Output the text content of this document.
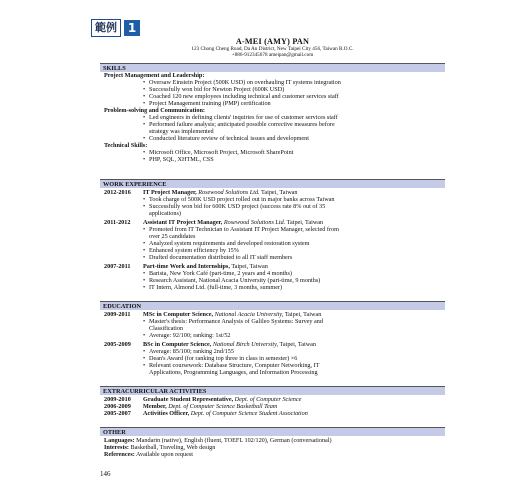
範例 1
A-MEI (AMY) PAN
123 Chong Cheng Road, Da An District, New Taipei City 456, Taiwan R.O.C.
+886-912345678 ameipan@gmail.com
SKILLS
Project Management and Leadership:
• Oversaw Einstein Project (500K USD) on overhauling IT systems integration
• Successfully won bid for Newton Project (600K USD)
• Coached 120 new employees including technical and customer services staff
• Project Management training (PMP) certification
Problem-solving and Communication:
• Led engineers in defining clients' inquiries for use of customer services staff
• Performed failure analysis; anticipated possible corrective measures before
strategy was implemented
• Conducted literature review of technical issues and development
Technical Skills:
• Microsoft Office, Microsoft Project, Microsoft SharePoint
• PHP, SQL, XHTML, CSS
WORK EXPERIENCE
2012-2016 IT Project Manager, Rosewood Solutions Ltd. Taipei, Taiwan
• Took charge of 500K USD project rolled out in major banks across Taiwan
• Successfully won bid for 600K USD project (success rate 8% out of 35
applications)
2011-2012 Assistant IT Project Manager, Rosewood Solutions Ltd. Taipei, Taiwan
• Promoted from IT Technician to Assistant IT Project Manager, selected from
over 25 candidates
• Analyzed system requirements and developed restoration system
• Enhanced system efficiency by 15%
• Drafted documentation distributed to all IT staff members
2007-2011 Part-time Work and Internships, Taipei, Taiwan
• Barista, New York Café (part-time, 2 years and 4 months)
• Research Assistant, National Acacia University (part-time, 9 months)
• IT Intern, Almond Ltd. (full-time, 3 months, summer)
EDUCATION
2009-2011 MSc in Computer Science, National Acacia University, Taipei, Taiwan
• Master's thesis: Performance Analysis of Galileo Systems: Survey and
Classification
• Average: 92/100; ranking: 1st/52
2005-2009 BSc in Computer Science, National Birch University, Taipei, Taiwan
• Average: 85/100; ranking 2nd/155
• Dean's Award (for ranking top three in class in semester) ×6
• Relevant coursework: Database Structure, Computer Networking, IT
Applications, Programming Languages, and Information Processing
EXTRACURRICULAR ACTIVITIES
2009-2010 Graduate Student Representative, Dept. of Computer Science
2006-2009 Member, Dept. of Computer Science Basketball Team
2005-2007 Activities Officer, Dept. of Computer Science Student Association
OTHER
Languages: Mandarin (native), English (fluent, TOEFL 102/120), German (conversational)
Interests: Basketball, Traveling, Web design
References: Available upon request
146
